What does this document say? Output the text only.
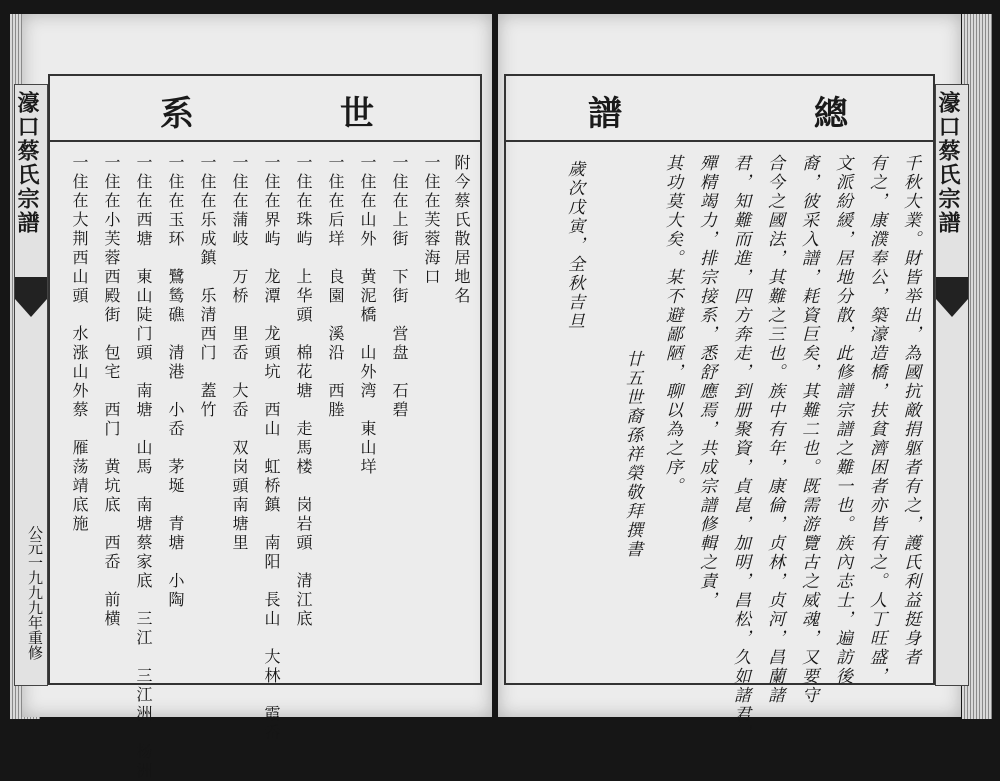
系	世
附今蔡氏散居地名
一住在芙蓉海口
一住在上街　下街　営盘　石碧
一住在山外　黄泥橋　山外湾　東山垟
一住在后垟　良園　溪沿　西塍
一住在珠屿　上华頭　棉花塘　走馬楼　岗岩頭　清江底
一住在界屿　龙潭　龙頭坑　西山　虹桥鎮　南阳　長山　大林　霞岙
一住在蒲岐　万桥　里岙　大岙　双岗頭南塘里
一住在乐成鎮　乐清西门　蓋竹
一住在玉环　鷺鸶礁　清港　小岙　茅埏　青塘　小陶
一住在西塘　東山陡门頭　南塘　山馬　南塘蔡家底　三江　三江洲　杨洲
一住在小芙蓉西殿街　包宅　西门　黄坑底　西岙　前横
一住在大荆西山頭　水涨山外蔡　雁荡靖底施
濠口蔡氏宗譜
公元一九九九年重修
譜	總
千秋大業。財皆举出，為國抗敵捐躯者有之，護氏利益挺身者
有之，康濮奉公，築濠造橋，扶貧濟困者亦皆有之。人丁旺盛，
文派紛緩，居地分散，此修譜宗譜之難一也。族內志士，遍訪後
裔，彼采入譜，耗資巨矣，其難二也。既需游覽古之威魂，又要守
合今之國法，其難之三也。族中有年，康倫，贞林，贞河，昌蘭諸
君，知難而進，四方奔走，到册聚資，貞崑，加明，昌松，久如諸君，
殫精竭力，排宗接系，悉舒應焉，共成宗譜修輯之責，
其功莫大矣。某不避鄙陋，聊以為之序。
廿五世裔孫祥榮敬拜撰書
歲次戊寅，全秋吉旦	濠口蔡氏宗譜
